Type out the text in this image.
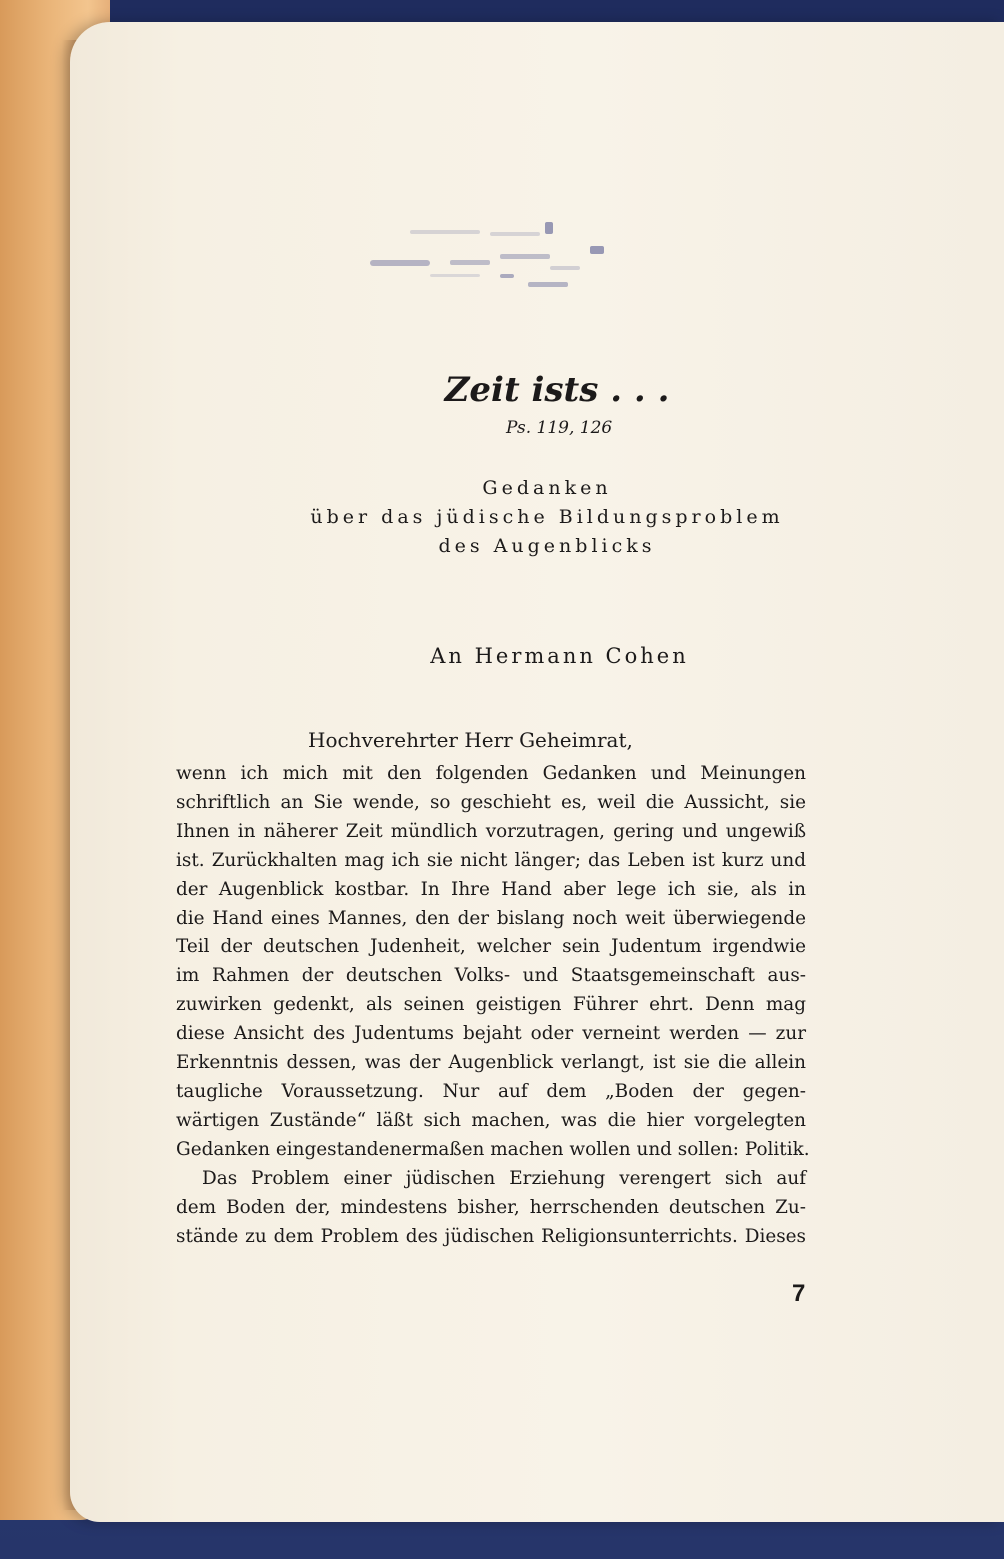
Zeit ists . . .
Ps. 119, 126
Gedanken
über das jüdische Bildungsproblem
des Augenblicks
An Hermann Cohen
Hochverehrter Herr Geheimrat,
wenn ich mich mit den folgenden Gedanken und Meinungen
schriftlich an Sie wende, so geschieht es, weil die Aussicht, sie
Ihnen in näherer Zeit mündlich vorzutragen, gering und ungewiß
ist. Zurückhalten mag ich sie nicht länger; das Leben ist kurz und
der Augenblick kostbar. In Ihre Hand aber lege ich sie, als in
die Hand eines Mannes, den der bislang noch weit überwiegende
Teil der deutschen Judenheit, welcher sein Judentum irgendwie
im Rahmen der deutschen Volks- und Staatsgemeinschaft aus-
zuwirken gedenkt, als seinen geistigen Führer ehrt. Denn mag
diese Ansicht des Judentums bejaht oder verneint werden — zur
Erkenntnis dessen, was der Augenblick verlangt, ist sie die allein
taugliche Voraussetzung. Nur auf dem „Boden der gegen-
wärtigen Zustände“ läßt sich machen, was die hier vorgelegten
Gedanken eingestandenermaßen machen wollen und sollen: Politik.
Das Problem einer jüdischen Erziehung verengert sich auf
dem Boden der, mindestens bisher, herrschenden deutschen Zu-
stände zu dem Problem des jüdischen Religionsunterrichts. Dieses
7
